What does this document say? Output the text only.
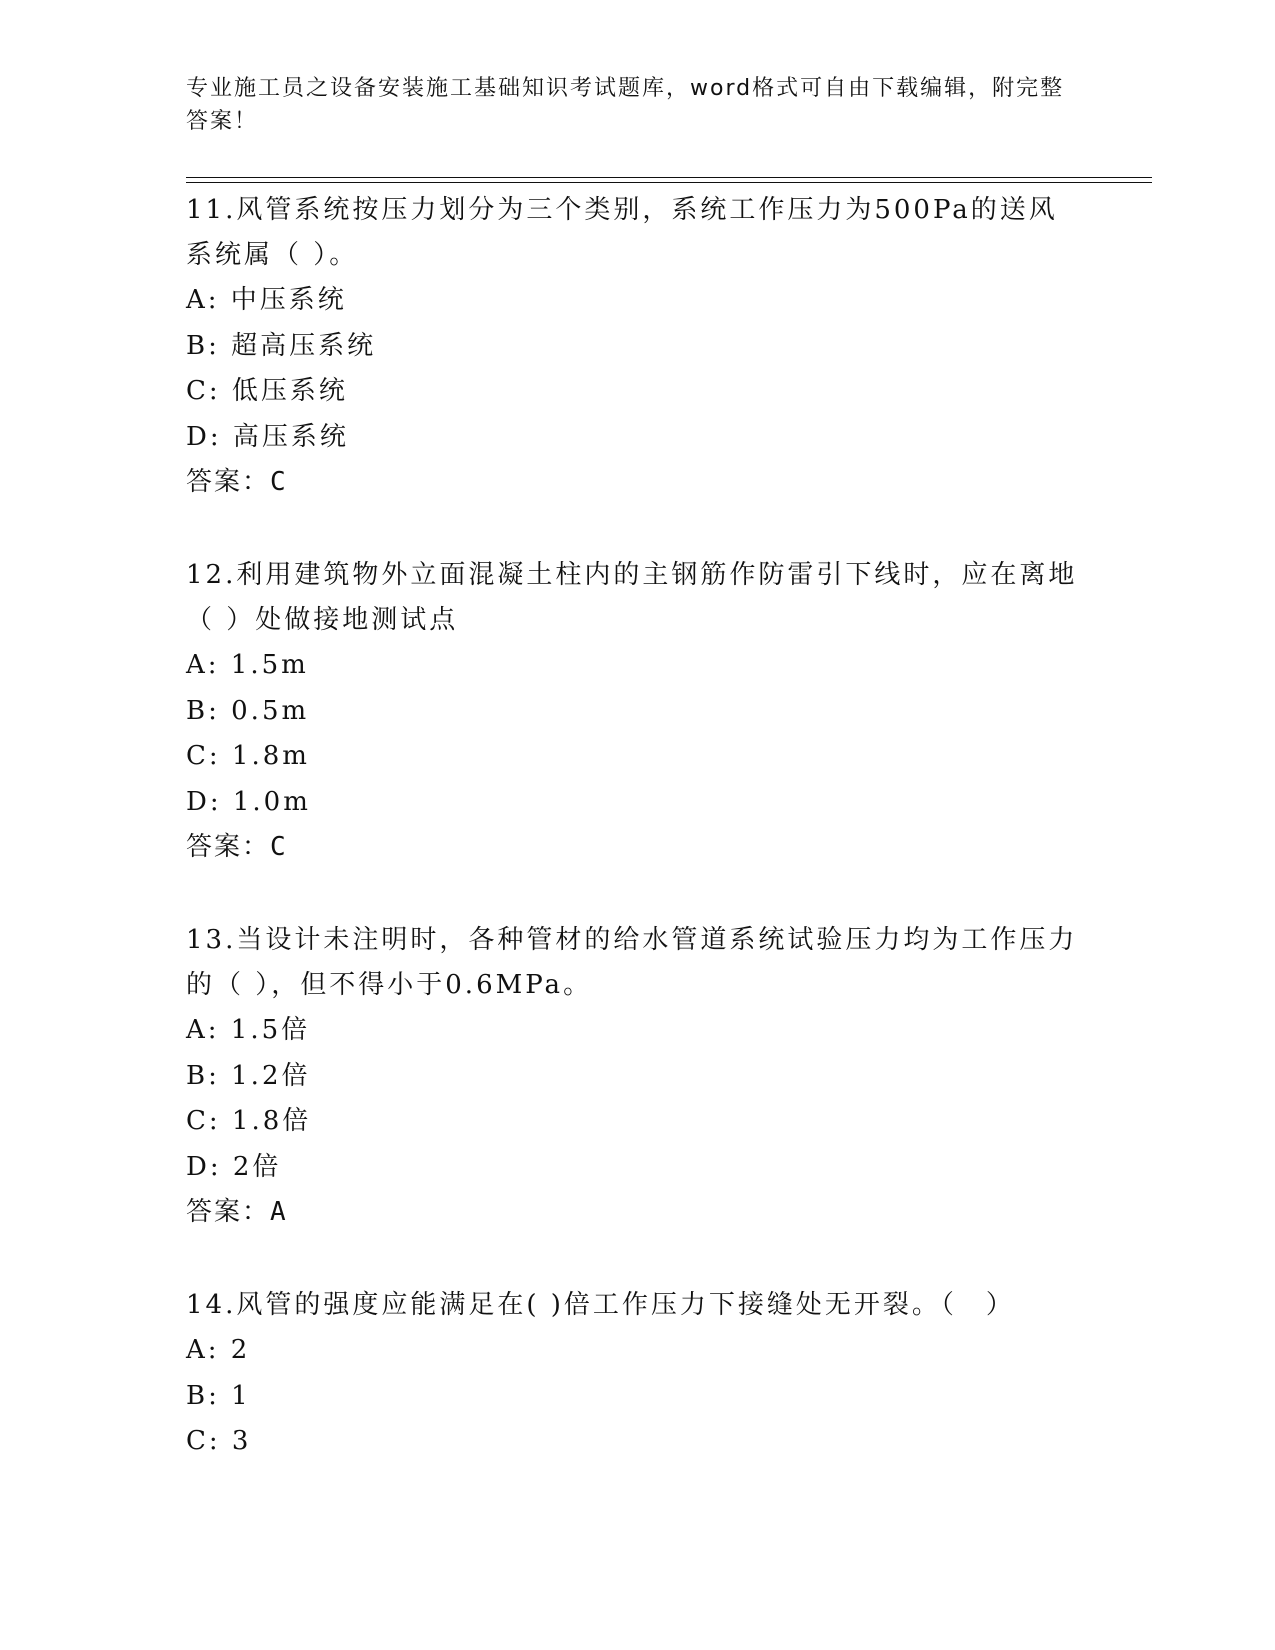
专业施工员之设备安装施工基础知识考试题库，word格式可自由下载编辑，附完整答案！

11.风管系统按压力划分为三个类别，系统工作压力为500Pa的送风系统属（ ）。

A: 中压系统
B: 超高压系统
C: 低压系统
D: 高压系统
答案：C

12.利用建筑物外立面混凝土柱内的主钢筋作防雷引下线时，应在离地（ ）处做接地测试点

A: 1.5m
B: 0.5m
C: 1.8m
D: 1.0m
答案：C

13.当设计未注明时，各种管材的给水管道系统试验压力均为工作压力的（ ），但不得小于0.6MPa。

A: 1.5倍
B: 1.2倍
C: 1.8倍
D: 2倍
答案：A

14.风管的强度应能满足在( )倍工作压力下接缝处无开裂。（　）

A: 2
B: 1
C: 3
